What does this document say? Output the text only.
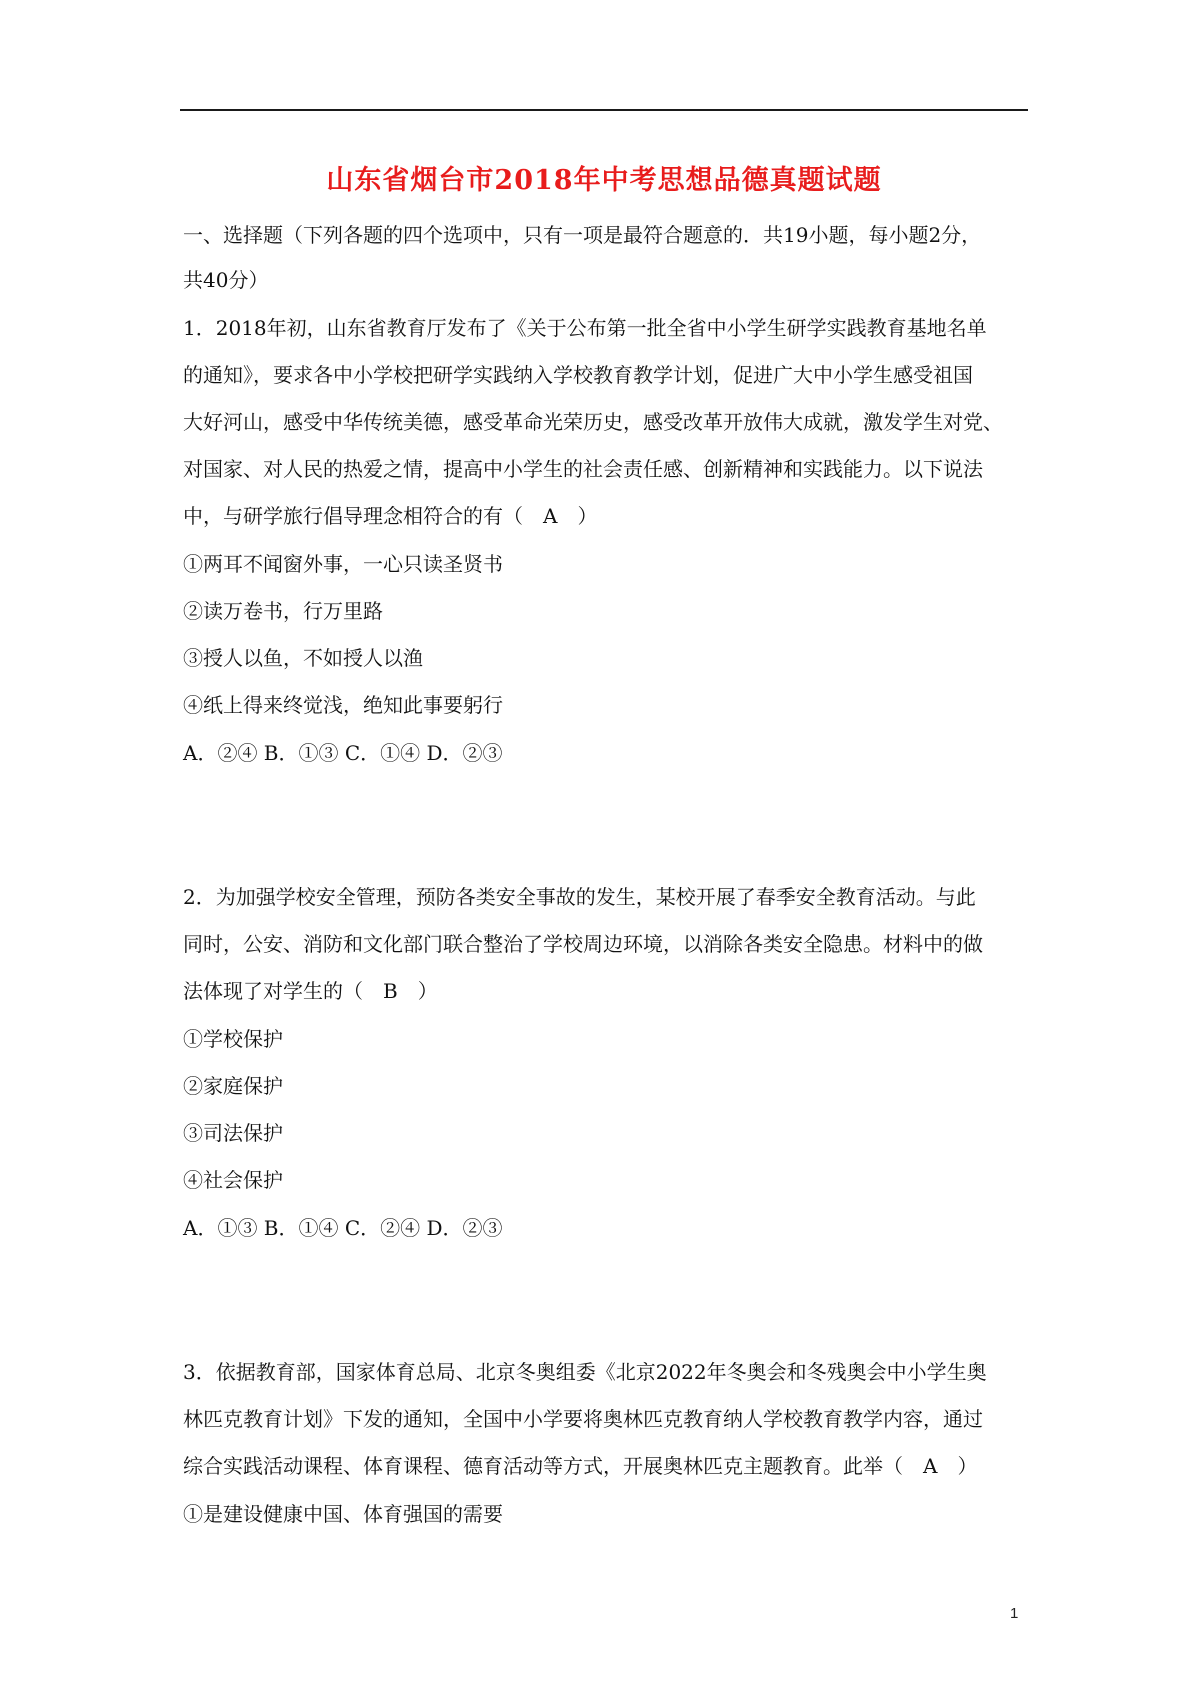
山东省烟台市2018年中考思想品德真题试题
一、选择题（下列各题的四个选项中，只有一项是最符合题意的．共19小题，每小题2分，
共40分）
1．2018年初，山东省教育厅发布了《关于公布第一批全省中小学生研学实践教育基地名单
的通知》，要求各中小学校把研学实践纳入学校教育教学计划，促进广大中小学生感受祖国
大好河山，感受中华传统美德，感受革命光荣历史，感受改革开放伟大成就，激发学生对党、
对国家、对人民的热爱之情，提高中小学生的社会责任感、创新精神和实践能力。以下说法
中，与研学旅行倡导理念相符合的有（　A　）
①两耳不闻窗外事，一心只读圣贤书
②读万卷书，行万里路
③授人以鱼，不如授人以渔
④纸上得来终觉浅，绝知此事要躬行
A．②④ B．①③ C．①④ D．②③
2．为加强学校安全管理，预防各类安全事故的发生，某校开展了春季安全教育活动。与此
同时，公安、消防和文化部门联合整治了学校周边环境，以消除各类安全隐患。材料中的做
法体现了对学生的（　B　）
①学校保护
②家庭保护
③司法保护
④社会保护
A．①③ B．①④ C．②④ D．②③
3．依据教育部，国家体育总局、北京冬奥组委《北京2022年冬奥会和冬残奥会中小学生奥
林匹克教育计划》下发的通知，全国中小学要将奥林匹克教育纳人学校教育教学内容，通过
综合实践活动课程、体育课程、德育活动等方式，开展奥林匹克主题教育。此举（　A　）
①是建设健康中国、体育强国的需要
1
